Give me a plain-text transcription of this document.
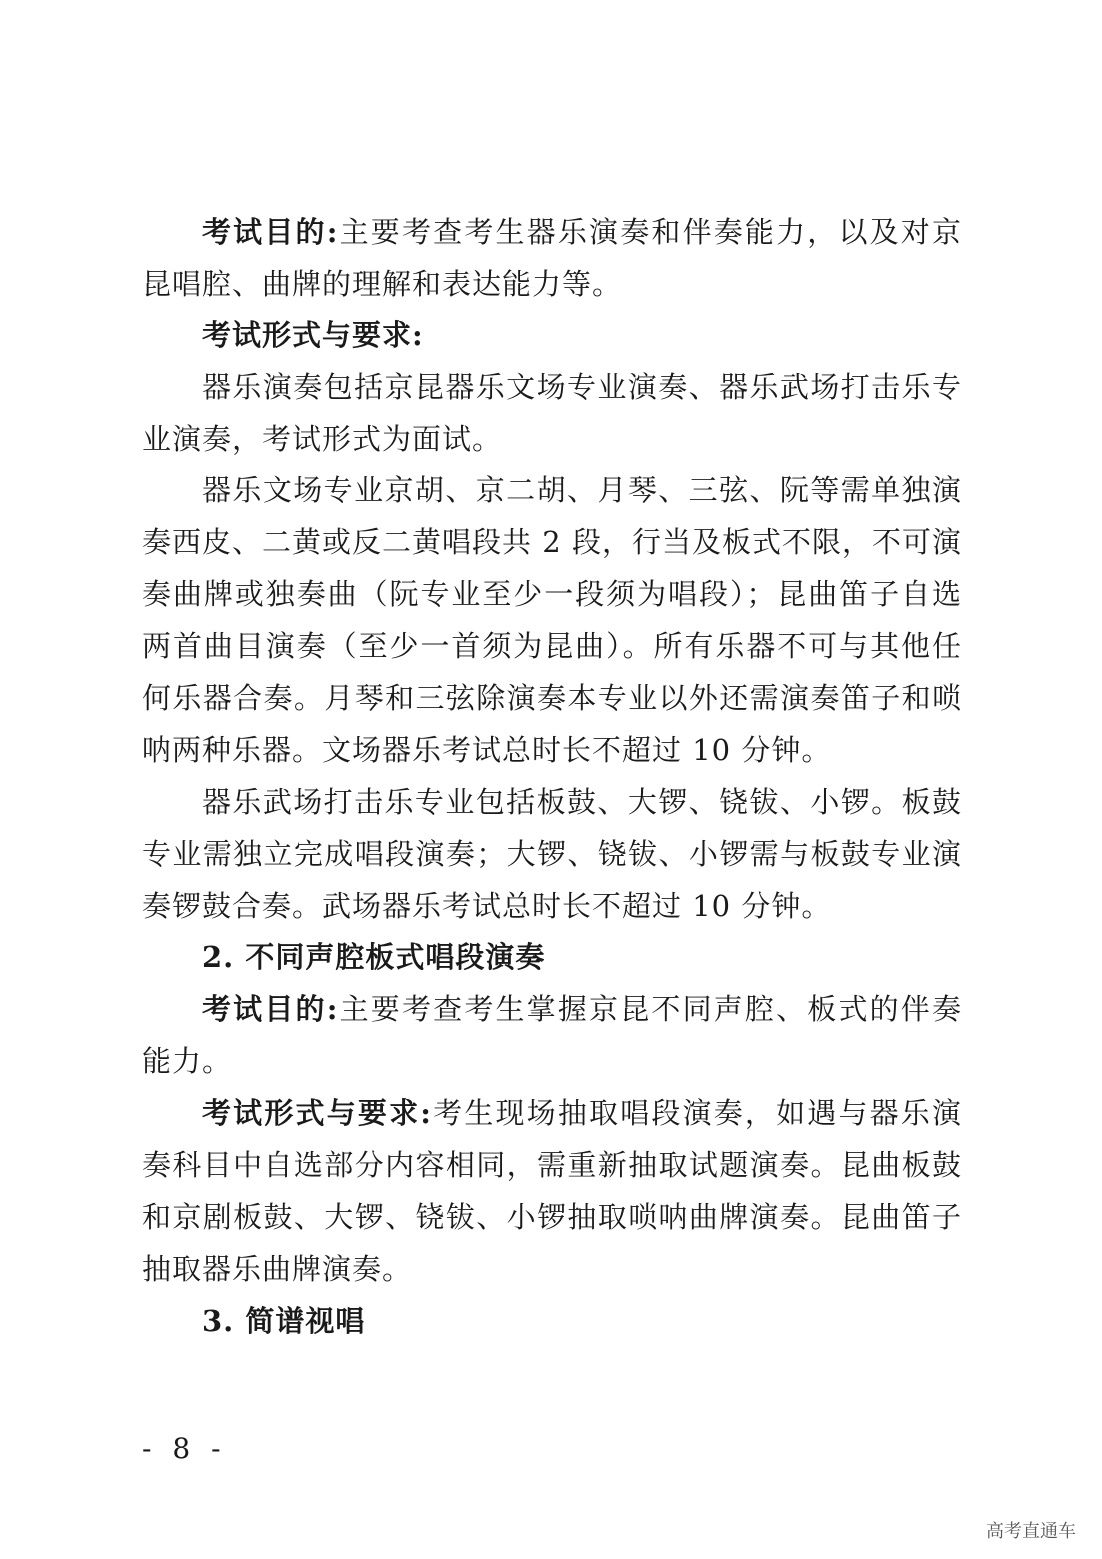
考试目的:主要考查考生器乐演奏和伴奏能力，以及对京昆唱腔、曲牌的理解和表达能力等。

考试形式与要求:

器乐演奏包括京昆器乐文场专业演奏、器乐武场打击乐专业演奏，考试形式为面试。

器乐文场专业京胡、京二胡、月琴、三弦、阮等需单独演奏西皮、二黄或反二黄唱段共 2 段，行当及板式不限，不可演奏曲牌或独奏曲（阮专业至少一段须为唱段）；昆曲笛子自选两首曲目演奏（至少一首须为昆曲）。所有乐器不可与其他任何乐器合奏。月琴和三弦除演奏本专业以外还需演奏笛子和唢呐两种乐器。文场器乐考试总时长不超过 10 分钟。

器乐武场打击乐专业包括板鼓、大锣、铙钹、小锣。板鼓专业需独立完成唱段演奏；大锣、铙钹、小锣需与板鼓专业演奏锣鼓合奏。武场器乐考试总时长不超过 10 分钟。

2. 不同声腔板式唱段演奏

考试目的:主要考查考生掌握京昆不同声腔、板式的伴奏能力。

考试形式与要求:考生现场抽取唱段演奏，如遇与器乐演奏科目中自选部分内容相同，需重新抽取试题演奏。昆曲板鼓和京剧板鼓、大锣、铙钹、小锣抽取唢呐曲牌演奏。昆曲笛子抽取器乐曲牌演奏。

3. 简谱视唱

- 8 -
高考直通车
